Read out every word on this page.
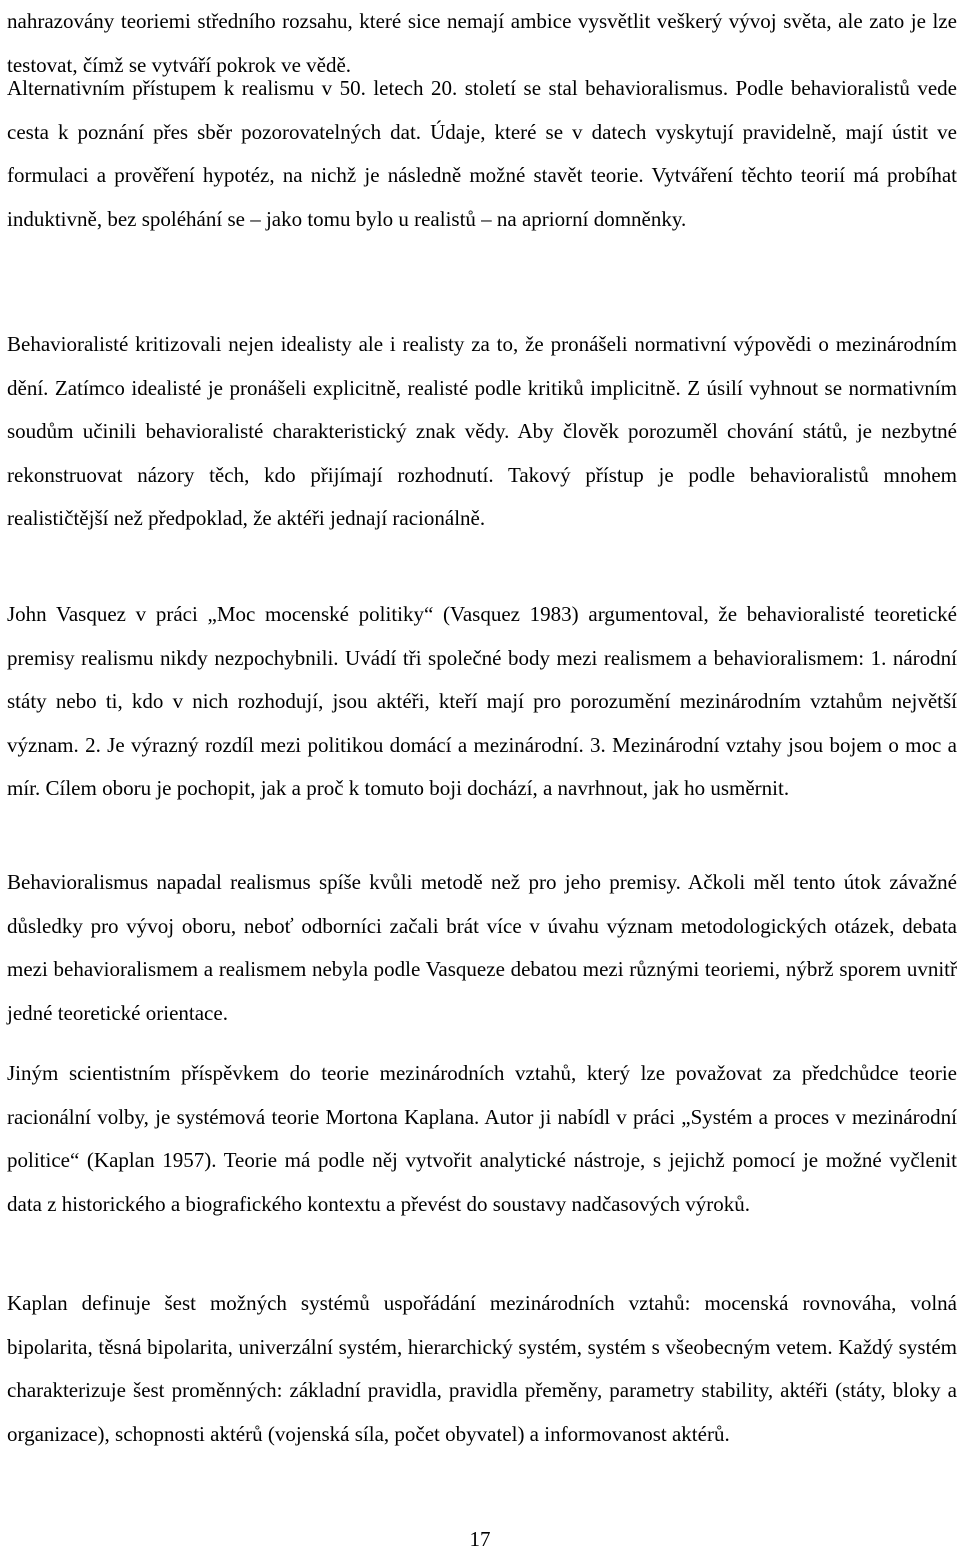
nahrazovány teoriemi středního rozsahu, které sice nemají ambice vysvětlit veškerý vývoj světa, ale zato je lze testovat, čímž se vytváří pokrok ve vědě.

Alternativním přístupem k realismu v 50. letech 20. století se stal behavioralismus. Podle behavioralistů vede cesta k poznání přes sběr pozorovatelných dat. Údaje, které se v datech vyskytují pravidelně, mají ústit ve formulaci a prověření hypotéz, na nichž je následně možné stavět teorie. Vytváření těchto teorií má probíhat induktivně, bez spoléhání se – jako tomu bylo u realistů – na apriorní domněnky.

Behavioralisté kritizovali nejen idealisty ale i realisty za to, že pronášeli normativní výpovědi o mezinárodním dění. Zatímco idealisté je pronášeli explicitně, realisté podle kritiků implicitně. Z úsilí vyhnout se normativním soudům učinili behavioralisté charakteristický znak vědy. Aby člověk porozuměl chování států, je nezbytné rekonstruovat názory těch, kdo přijímají rozhodnutí. Takový přístup je podle behavioralistů mnohem realističtější než předpoklad, že aktéři jednají racionálně.

John Vasquez v práci „Moc mocenské politiky“ (Vasquez 1983) argumentoval, že behavioralisté teoretické premisy realismu nikdy nezpochybnili. Uvádí tři společné body mezi realismem a behavioralismem: 1. národní státy nebo ti, kdo v nich rozhodují, jsou aktéři, kteří mají pro porozumění mezinárodním vztahům největší význam. 2. Je výrazný rozdíl mezi politikou domácí a mezinárodní. 3. Mezinárodní vztahy jsou bojem o moc a mír. Cílem oboru je pochopit, jak a proč k tomuto boji dochází, a navrhnout, jak ho usměrnit.

Behavioralismus napadal realismus spíše kvůli metodě než pro jeho premisy. Ačkoli měl tento útok závažné důsledky pro vývoj oboru, neboť odborníci začali brát více v úvahu význam metodologických otázek, debata mezi behavioralismem a realismem nebyla podle Vasqueze debatou mezi různými teoriemi, nýbrž sporem uvnitř jedné teoretické orientace.

Jiným scientistním příspěvkem do teorie mezinárodních vztahů, který lze považovat za předchůdce teorie racionální volby, je systémová teorie Mortona Kaplana. Autor ji nabídl v práci „Systém a proces v mezinárodní politice“ (Kaplan 1957). Teorie má podle něj vytvořit analytické nástroje, s jejichž pomocí je možné vyčlenit data z historického a biografického kontextu a převést do soustavy nadčasových výroků.

Kaplan definuje šest možných systémů uspořádání mezinárodních vztahů: mocenská rovnováha, volná bipolarita, těsná bipolarita, univerzální systém, hierarchický systém, systém s všeobecným vetem. Každý systém charakterizuje šest proměnných: základní pravidla, pravidla přeměny, parametry stability, aktéři (státy, bloky a organizace), schopnosti aktérů (vojenská síla, počet obyvatel) a informovanost aktérů.

17
